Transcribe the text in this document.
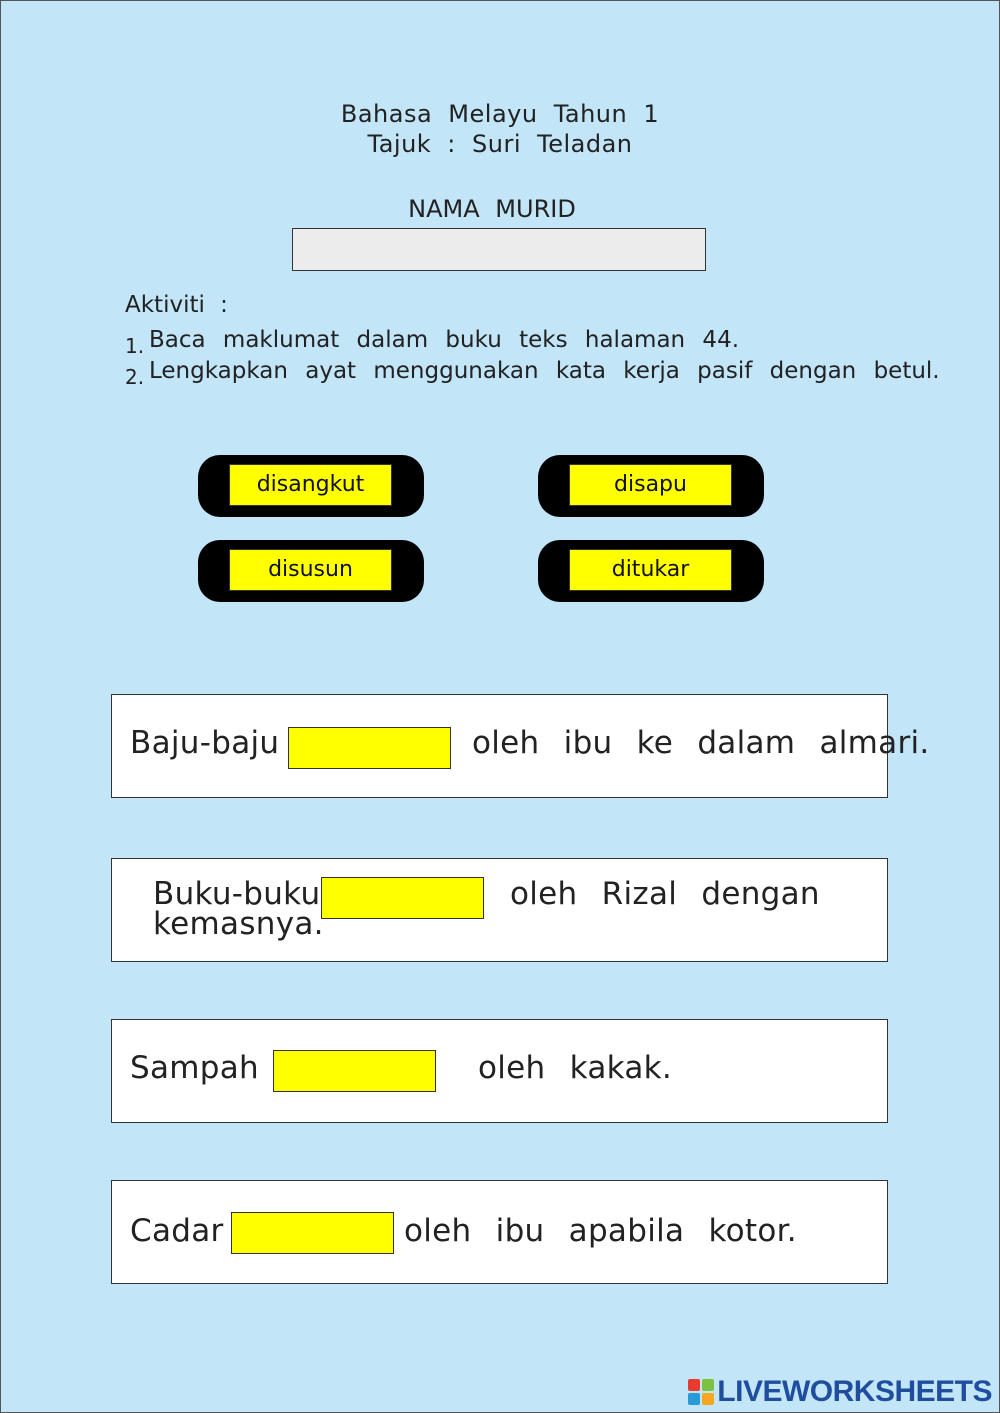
Bahasa Melayu Tahun 1
Tajuk : Suri Teladan
NAMA MURID
Aktiviti :
1. Baca maklumat dalam buku teks halaman 44.
2. Lengkapkan ayat menggunakan kata kerja pasif dengan betul.
disangkut	disapu
disusun	ditukar
Baju-baju	oleh ibu ke dalam almari.
Buku-buku	oleh Rizal dengan
kemasnya.
Sampah	oleh kakak.
Cadar	oleh ibu apabila kotor.
LIVEWORKSHEETS
